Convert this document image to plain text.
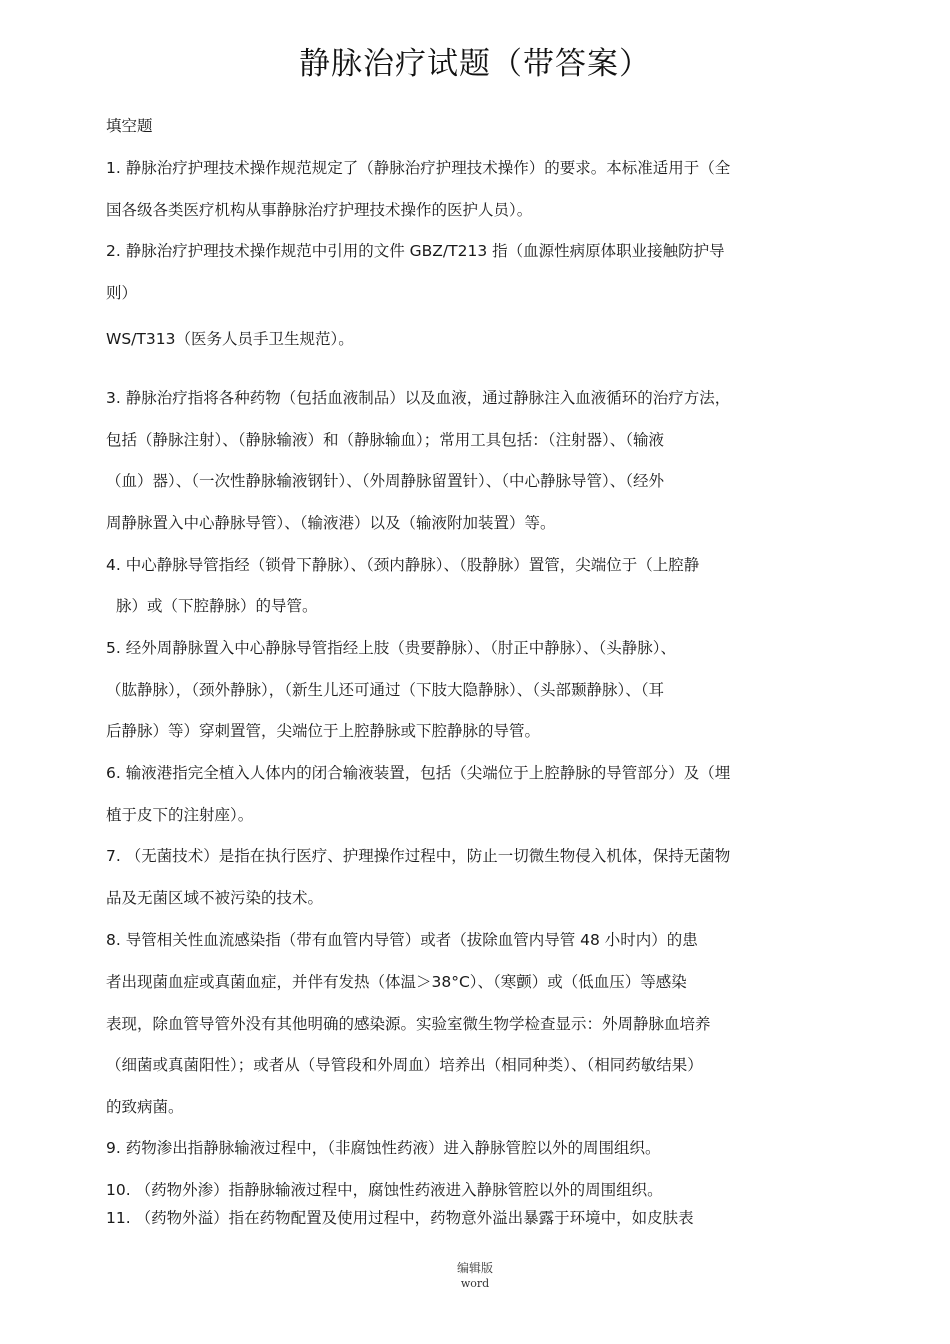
静脉治疗试题（带答案）
填空题
1. 静脉治疗护理技术操作规范规定了（静脉治疗护理技术操作）的要求。本标准适用于（全
国各级各类医疗机构从事静脉治疗护理技术操作的医护人员）。
2. 静脉治疗护理技术操作规范中引用的文件 GBZ/T213 指（血源性病原体职业接触防护导
则）
WS/T313（医务人员手卫生规范）。
3. 静脉治疗指将各种药物（包括血液制品）以及血液，通过静脉注入血液循环的治疗方法，
包括（静脉注射）、（静脉输液）和（静脉输血）；常用工具包括：（注射器）、（输液
（血）器）、（一次性静脉输液钢针）、（外周静脉留置针）、（中心静脉导管）、（经外
周静脉置入中心静脉导管）、（输液港）以及（输液附加装置）等。
4. 中心静脉导管指经（锁骨下静脉）、（颈内静脉）、（股静脉）置管，尖端位于（上腔静
脉）或（下腔静脉）的导管。
5. 经外周静脉置入中心静脉导管指经上肢（贵要静脉）、（肘正中静脉）、（头静脉）、
（肱静脉），（颈外静脉），（新生儿还可通过（下肢大隐静脉）、（头部颞静脉）、（耳
后静脉）等）穿刺置管，尖端位于上腔静脉或下腔静脉的导管。
6. 输液港指完全植入人体内的闭合输液装置，包括（尖端位于上腔静脉的导管部分）及（埋
植于皮下的注射座）。
7. （无菌技术）是指在执行医疗、护理操作过程中，防止一切微生物侵入机体，保持无菌物
品及无菌区域不被污染的技术。
8. 导管相关性血流感染指（带有血管内导管）或者（拔除血管内导管 48 小时内）的患
者出现菌血症或真菌血症，并伴有发热（体温＞38°C）、（寒颤）或（低血压）等感染
表现，除血管导管外没有其他明确的感染源。实验室微生物学检查显示：外周静脉血培养
（细菌或真菌阳性）；或者从（导管段和外周血）培养出（相同种类）、（相同药敏结果）
的致病菌。
9. 药物渗出指静脉输液过程中，（非腐蚀性药液）进入静脉管腔以外的周围组织。
10. （药物外渗）指静脉输液过程中，腐蚀性药液进入静脉管腔以外的周围组织。
11. （药物外溢）指在药物配置及使用过程中，药物意外溢出暴露于环境中，如皮肤表
编辑版
word
